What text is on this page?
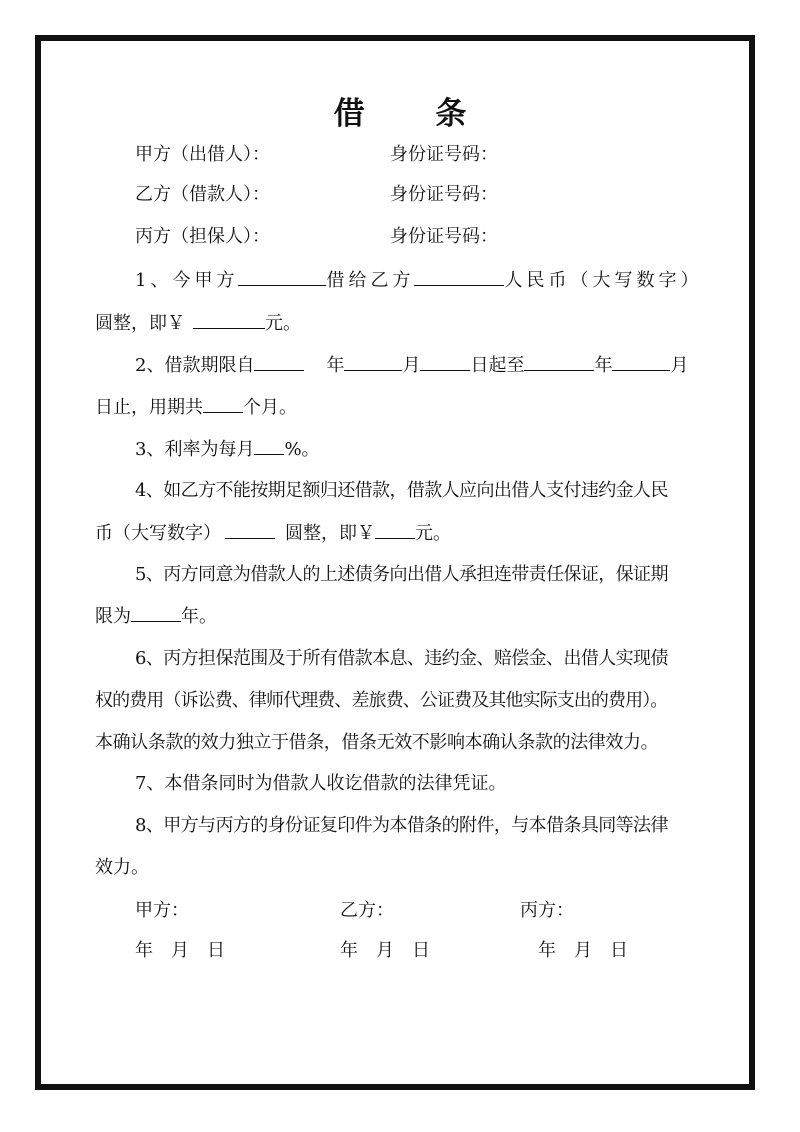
借 条
甲方（出借人）：	身份证号码：
乙方（借款人）：	身份证号码：
丙方（担保人）：	身份证号码：
1、今甲方	借给乙方	人民币（大写数字）
圆整，即￥	元。
2、借款期限自	年	月	日起至	年	月
日止，用期共 个月。
3、利率为每月 %。
4、如乙方不能按期足额归还借款，借款人应向出借人支付违约金人民
币（大写数字）	圆整，即￥ 元。
5、丙方同意为借款人的上述债务向出借人承担连带责任保证，保证期
限为	年。
6、丙方担保范围及于所有借款本息、违约金、赔偿金、出借人实现债
权的费用（诉讼费、律师代理费、差旅费、公证费及其他实际支出的费用）。
本确认条款的效力独立于借条，借条无效不影响本确认条款的法律效力。
7、本借条同时为借款人收讫借款的法律凭证。
8、甲方与丙方的身份证复印件为本借条的附件，与本借条具同等法律
效力。
甲方：	乙方：	丙方：
年　月　日	年　月　日	年　月　日
